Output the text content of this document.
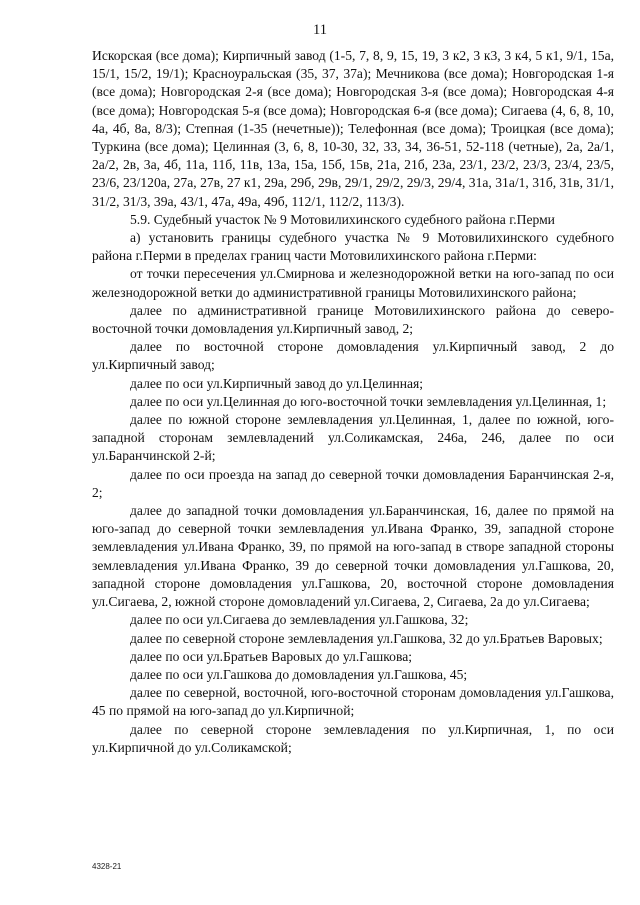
11

Искорская (все дома); Кирпичный завод (1-5, 7, 8, 9, 15, 19, 3 к2, 3 к3, 3 к4, 5 к1, 9/1, 15а, 15/1, 15/2, 19/1); Красноуральская (35, 37, 37а); Мечникова (все дома); Новгородская 1-я (все дома); Новгородская 2-я (все дома); Новгородская 3-я (все дома); Новгородская 4-я (все дома); Новгородская 5-я (все дома); Новгородская 6-я (все дома); Сигаева (4, 6, 8, 10, 4а, 4б, 8а, 8/3); Степная (1-35 (нечетные)); Телефонная (все дома); Троицкая (все дома); Туркина (все дома); Целинная (3, 6, 8, 10-30, 32, 33, 34, 36-51, 52-118 (четные), 2а, 2а/1, 2а/2, 2в, 3а, 4б, 11а, 11б, 11в, 13а, 15а, 15б, 15в, 21а, 21б, 23а, 23/1, 23/2, 23/3, 23/4, 23/5, 23/6, 23/120а, 27а, 27в, 27 к1, 29а, 29б, 29в, 29/1, 29/2, 29/3, 29/4, 31а, 31а/1, 31б, 31в, 31/1, 31/2, 31/3, 39а, 43/1, 47а, 49а, 49б, 112/1, 112/2, 113/3).

5.9. Судебный участок № 9 Мотовилихинского судебного района г.Перми

а) установить границы судебного участка № 9 Мотовилихинского судебного района г.Перми в пределах границ части Мотовилихинского района г.Перми:

от точки пересечения ул.Смирнова и железнодорожной ветки на юго-запад по оси железнодорожной ветки до административной границы Мотовилихинского района;

далее по административной границе Мотовилихинского района до северо-восточной точки домовладения ул.Кирпичный завод, 2;

далее по восточной стороне домовладения ул.Кирпичный завод, 2 до ул.Кирпичный завод;

далее по оси ул.Кирпичный завод до ул.Целинная;

далее по оси ул.Целинная до юго-восточной точки землевладения ул.Целинная, 1;

далее по южной стороне землевладения ул.Целинная, 1, далее по южной, юго-западной сторонам землевладений ул.Соликамская, 246а, 246, далее по оси ул.Баранчинской 2-й;

далее по оси проезда на запад до северной точки домовладения Баранчинская 2-я, 2;

далее до западной точки домовладения ул.Баранчинская, 16, далее по прямой на юго-запад до северной точки землевладения ул.Ивана Франко, 39, западной стороне землевладения ул.Ивана Франко, 39, по прямой на юго-запад в створе западной стороны землевладения ул.Ивана Франко, 39 до северной точки домовладения ул.Гашкова, 20, западной стороне домовладения ул.Гашкова, 20, восточной стороне домовладения ул.Сигаева, 2, южной стороне домовладений ул.Сигаева, 2, Сигаева, 2а до ул.Сигаева;

далее по оси ул.Сигаева до землевладения ул.Гашкова, 32;

далее по северной стороне землевладения ул.Гашкова, 32 до ул.Братьев Варовых;

далее по оси ул.Братьев Варовых до ул.Гашкова;

далее по оси ул.Гашкова до домовладения ул.Гашкова, 45;

далее по северной, восточной, юго-восточной сторонам домовладения ул.Гашкова, 45 по прямой на юго-запад до ул.Кирпичной;

далее по северной стороне землевладения по ул.Кирпичная, 1, по оси ул.Кирпичной до ул.Соликамской;

4328-21
